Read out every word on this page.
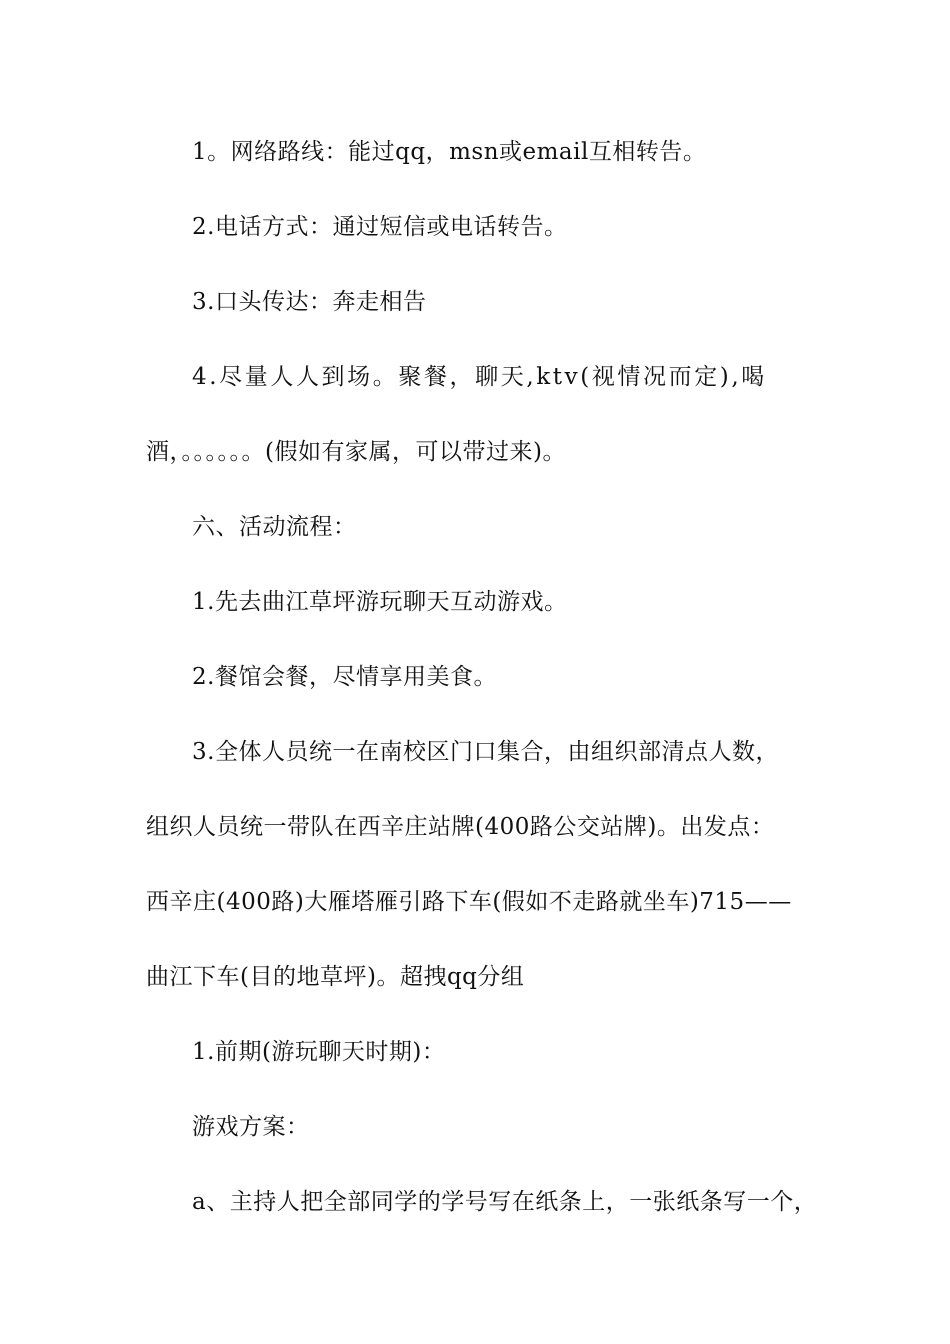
1。网络路线：能过qq，msn或email互相转告。
2.电话方式：通过短信或电话转告。
3.口头传达：奔走相告
4.尽量人人到场。聚餐，聊天,ktv(视情况而定),喝
酒，。。。。。。(假如有家属，可以带过来)。
六、活动流程：
1.先去曲江草坪游玩聊天互动游戏。
2.餐馆会餐，尽情享用美食。
3.全体人员统一在南校区门口集合，由组织部清点人数，
组织人员统一带队在西辛庄站牌(400路公交站牌)。出发点：
西辛庄(400路)大雁塔雁引路下车(假如不走路就坐车)715——
曲江下车(目的地草坪)。超拽qq分组
1.前期(游玩聊天时期)：
游戏方案：
a、主持人把全部同学的学号写在纸条上，一张纸条写一个，
